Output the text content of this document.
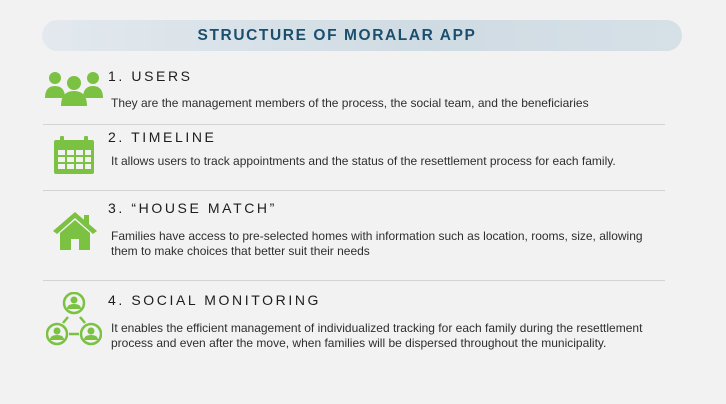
STRUCTURE OF MORALAR APP
1. USERS
They are the management members of the process, the social team, and the beneficiaries
2. TIMELINE
It allows users to track appointments and the status of the resettlement process for each family.
3. “HOUSE MATCH”
Families have access to pre-selected homes with information such as location, rooms, size, allowing them to make choices that better suit their needs
4. SOCIAL MONITORING
It enables the efficient management of individualized tracking for each family during the resettlement process and even after the move, when families will be dispersed throughout the municipality.
